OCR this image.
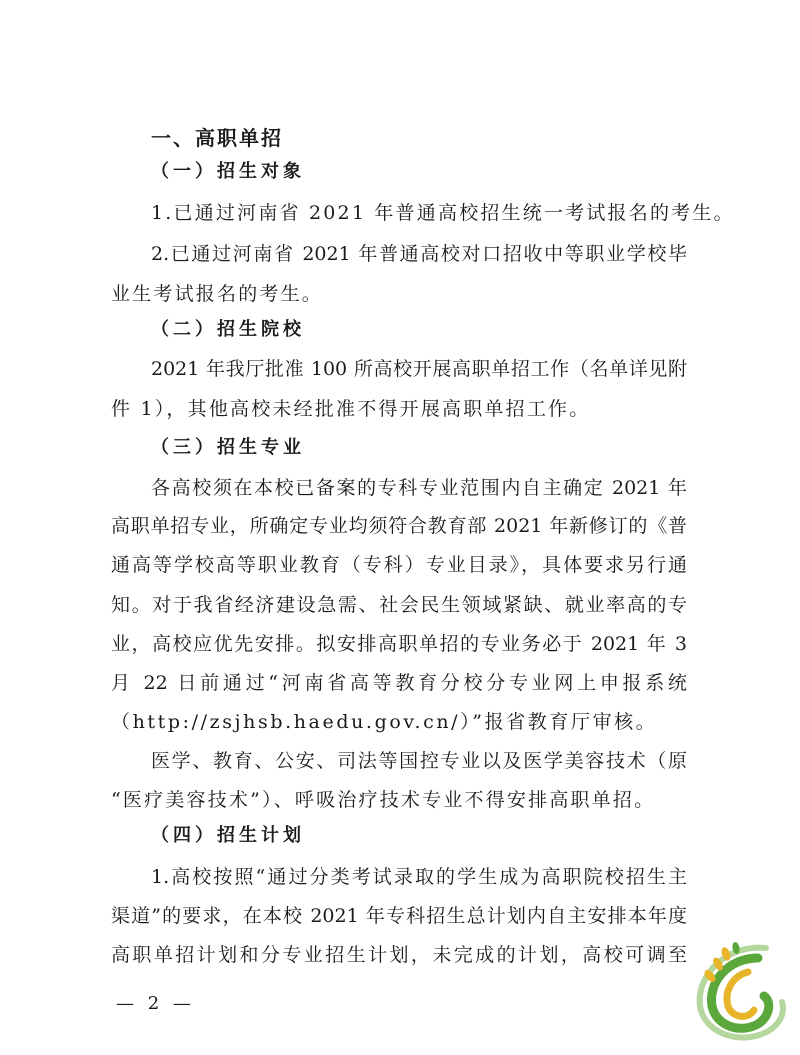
一、高职单招
（一）招生对象
1.已通过河南省 2021 年普通高校招生统一考试报名的考生。
2.已通过河南省 2021 年普通高校对口招收中等职业学校毕
业生考试报名的考生。
（二）招生院校
2021 年我厅批准 100 所高校开展高职单招工作（名单详见附
件 1），其他高校未经批准不得开展高职单招工作。
（三）招生专业
各高校须在本校已备案的专科专业范围内自主确定 2021 年
高职单招专业，所确定专业均须符合教育部 2021 年新修订的《普
通高等学校高等职业教育（专科）专业目录》，具体要求另行通
知。对于我省经济建设急需、社会民生领域紧缺、就业率高的专
业，高校应优先安排。拟安排高职单招的专业务必于 2021 年 3
月 22 日前通过“河南省高等教育分校分专业网上申报系统
（http://zsjhsb.haedu.gov.cn/）”报省教育厅审核。
医学、教育、公安、司法等国控专业以及医学美容技术（原
“医疗美容技术”）、呼吸治疗技术专业不得安排高职单招。
（四）招生计划
1.高校按照“通过分类考试录取的学生成为高职院校招生主
渠道”的要求，在本校 2021 年专科招生总计划内自主安排本年度
高职单招计划和分专业招生计划，未完成的计划，高校可调至
— 2 —
